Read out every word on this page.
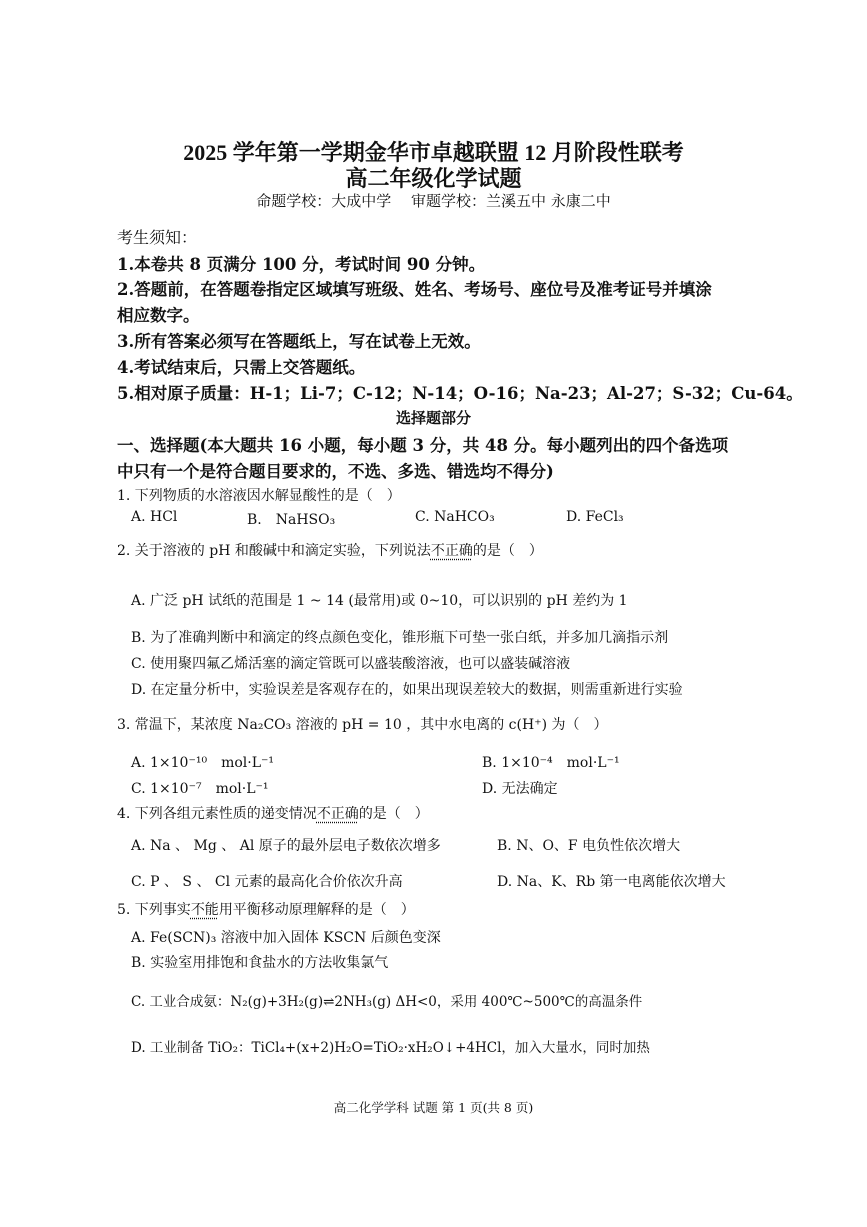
2025 学年第一学期金华市卓越联盟 12 月阶段性联考
高二年级化学试题
命题学校：大成中学　 审题学校：兰溪五中 永康二中
考生须知：
1.本卷共 8 页满分 100 分，考试时间 90 分钟。
2.答题前，在答题卷指定区域填写班级、姓名、考场号、座位号及准考证号并填涂
相应数字。
3.所有答案必须写在答题纸上，写在试卷上无效。
4.考试结束后，只需上交答题纸。
5.相对原子质量：H-1；Li-7；C-12；N-14；O-16；Na-23；Al-27；S-32；Cu-64。
选择题部分
一、选择题(本大题共 16 小题，每小题 3 分，共 48 分。每小题列出的四个备选项
中只有一个是符合题目要求的，不选、多选、错选均不得分)
1. 下列物质的水溶液因水解显酸性的是（　）
A. HCl	B.　NaHSO₃	C. NaHCO₃	D. FeCl₃
2. 关于溶液的 pH 和酸碱中和滴定实验，下列说法不正确的是（　）
A. 广泛 pH 试纸的范围是 1 ~ 14 (最常用)或 0~10，可以识别的 pH 差约为 1
B. 为了准确判断中和滴定的终点颜色变化，锥形瓶下可垫一张白纸，并多加几滴指示剂
C. 使用聚四氟乙烯活塞的滴定管既可以盛装酸溶液，也可以盛装碱溶液
D. 在定量分析中，实验误差是客观存在的，如果出现误差较大的数据，则需重新进行实验
3. 常温下，某浓度 Na₂CO₃ 溶液的 pH = 10 ，其中水电离的 c(H⁺) 为（　）
A. 1×10⁻¹⁰　mol·L⁻¹	B. 1×10⁻⁴　mol·L⁻¹
C. 1×10⁻⁷　mol·L⁻¹	D. 无法确定
4. 下列各组元素性质的递变情况不正确的是（　）
A. Na 、 Mg 、 Al 原子的最外层电子数依次增多	B. N、O、F 电负性依次增大
C. P 、 S 、 Cl 元素的最高化合价依次升高	D. Na、K、Rb 第一电离能依次增大
5. 下列事实不能用平衡移动原理解释的是（　）
A. Fe(SCN)₃ 溶液中加入固体 KSCN 后颜色变深
B. 实验室用排饱和食盐水的方法收集氯气
C. 工业合成氨：N₂(g)+3H₂(g)⇌2NH₃(g) ΔH<0，采用 400℃~500℃的高温条件
D. 工业制备 TiO₂：TiCl₄+(x+2)H₂O=TiO₂·xH₂O↓+4HCl，加入大量水，同时加热
高二化学学科 试题 第 1 页(共 8 页)
